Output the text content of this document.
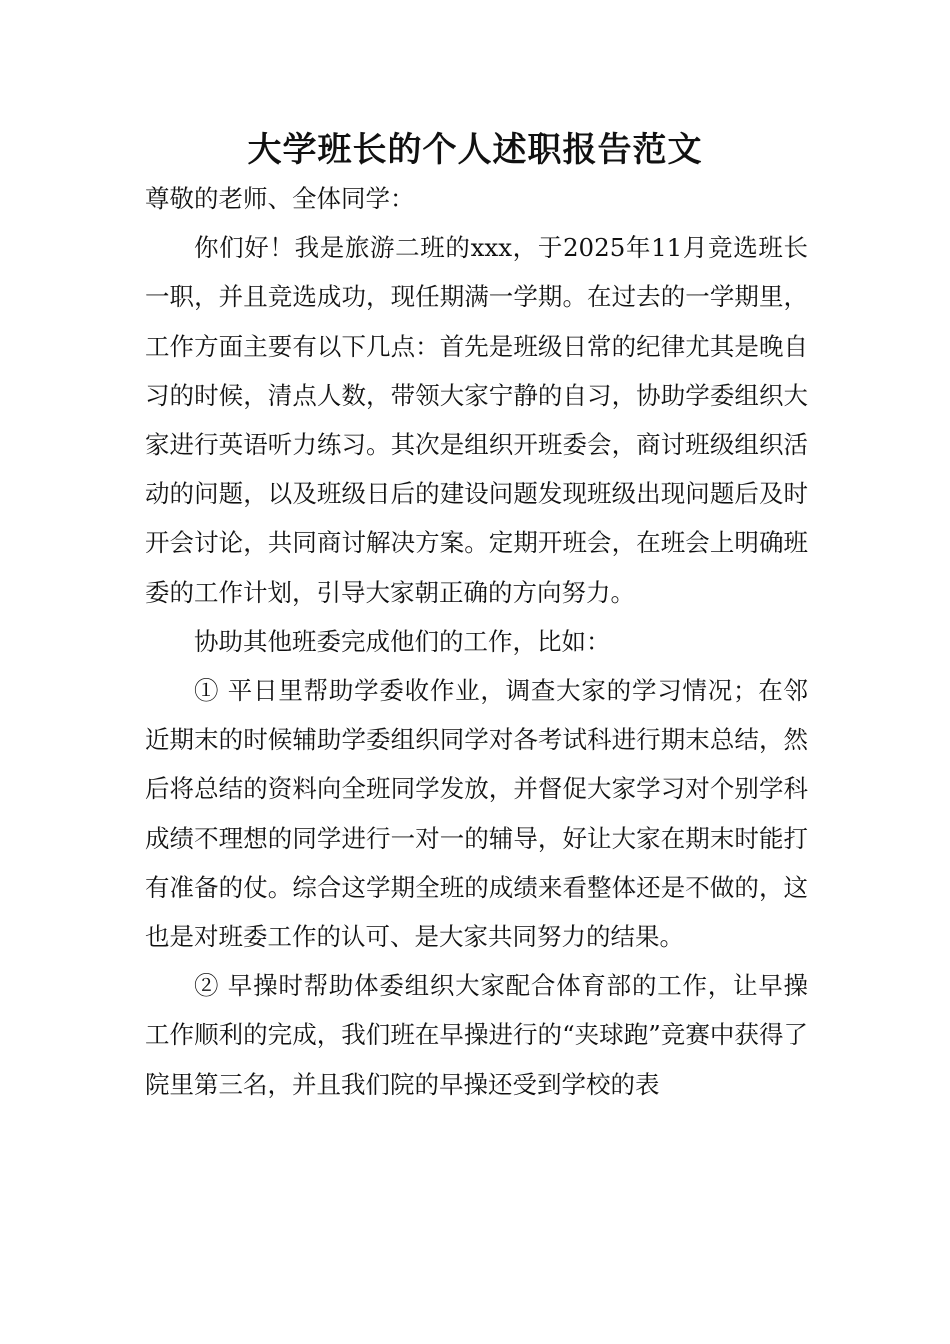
大学班长的个人述职报告范文

尊敬的老师、全体同学：

你们好！我是旅游二班的xxx，于2025年11月竞选班长一职，并且竞选成功，现任期满一学期。在过去的一学期里，工作方面主要有以下几点：首先是班级日常的纪律尤其是晚自习的时候，清点人数，带领大家宁静的自习，协助学委组织大家进行英语听力练习。其次是组织开班委会，商讨班级组织活动的问题，以及班级日后的建设问题发现班级出现问题后及时开会讨论，共同商讨解决方案。定期开班会，在班会上明确班委的工作计划，引导大家朝正确的方向努力。

协助其他班委完成他们的工作，比如：

① 平日里帮助学委收作业，调查大家的学习情况；在邻近期末的时候辅助学委组织同学对各考试科进行期末总结，然后将总结的资料向全班同学发放，并督促大家学习对个别学科成绩不理想的同学进行一对一的辅导，好让大家在期末时能打有准备的仗。综合这学期全班的成绩来看整体还是不做的，这也是对班委工作的认可、是大家共同努力的结果。

② 早操时帮助体委组织大家配合体育部的工作，让早操工作顺利的完成，我们班在早操进行的“夹球跑”竞赛中获得了院里第三名，并且我们院的早操还受到学校的表
